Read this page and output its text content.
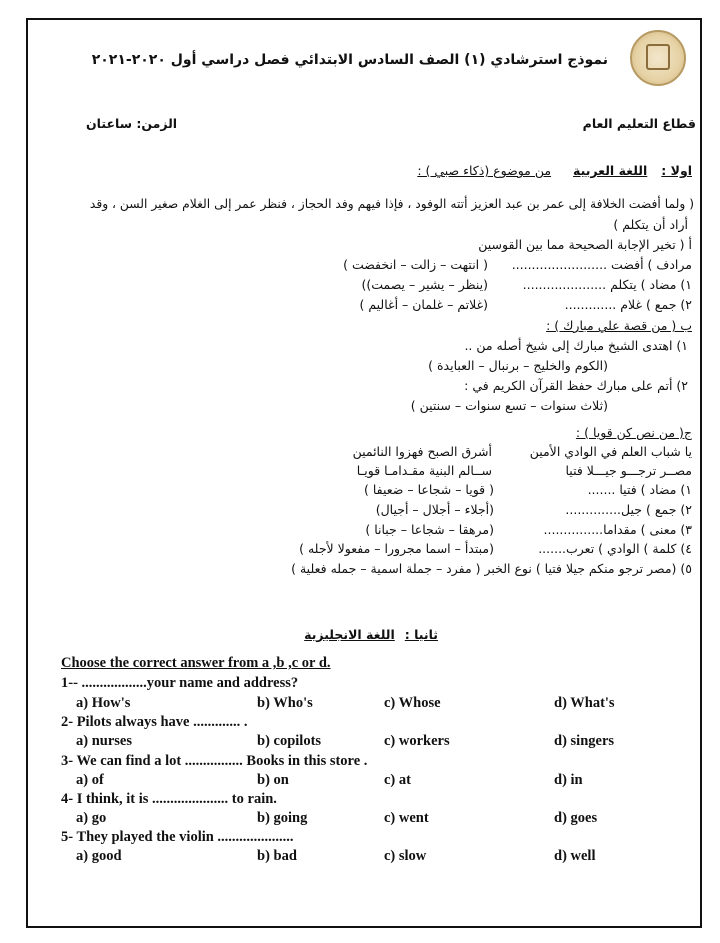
نموذج استرشادي (١) الصف السادس الابتدائي فصل دراسي أول ٢٠٢٠-٢٠٢١
قطاع التعليم العام
الزمن: ساعتان
اولا : اللغة العربية من موضوع (ذكاء صبي ) :
( ولما أفضت الخلافة إلى عمر بن عبد العزيز أتته الوفود ، فإذا فيهم وفد الحجاز ، فنظر عمر إلى الغلام صغير السن ، وقد
أراد أن يتكلم )
أ ( تخير الإجابة الصحيحة مما بين القوسين
مرادف ) أفضت ........................
( انتهت – زالت – انخفضت )
١) مضاد ) يتكلم .....................
(ينظر – يشير – يصمت))
٢) جمع ) غلام .............
(غلاتم – غلمان – أغاليم )
ب ( من قصة علي مبارك ) :
١) اهتدى الشيخ مبارك إلى شيخ أصله من ..
(الكوم والخليج – برنبال – العبايدة )
٢) أتم على مبارك حفظ القرآن الكريم في :
(ثلاث سنوات – تسع سنوات – سنتين )
ج( من نص كن قويا ) :
يا شباب العلم في الوادي الأمين
أشرق الصبح فهزوا النائمين
مصــر ترجـــو جيـــلا فتيا
ســالم البنية مقـدامـا قويـا
١) مضاد ) فتيا .......
( قويا – شجاعا – ضعيفا )
٢) جمع ) جيل..............
(أجلاء – أجلال – أجيال)
٣) معنى ) مقداما...............
(مرهقا – شجاعا – جبانا )
٤) كلمة ) الوادي ) تعرب.......
(مبتدأ – اسما مجرورا – مفعولا لأجله )
٥) (مصر ترجو منكم جيلا فتيا ) نوع الخبر ( مفرد – جملة اسمية – جمله فعلية )
ثانيا : اللغة الانجليزية
Choose the correct answer from a ,b ,c or d.
1-- ..................your name and address?
a) How's	b) Who's	c) Whose	d) What's
2- Pilots always have ............. .
a) nurses	b) copilots	c) workers	d) singers
3- We can find a lot ................ Books in this store .
a) of	b) on	c) at	d) in
4- I think, it is ..................... to rain.
a) go	b) going	c) went	d) goes
5- They played the violin .....................
a) good	b) bad	c) slow	d) well
